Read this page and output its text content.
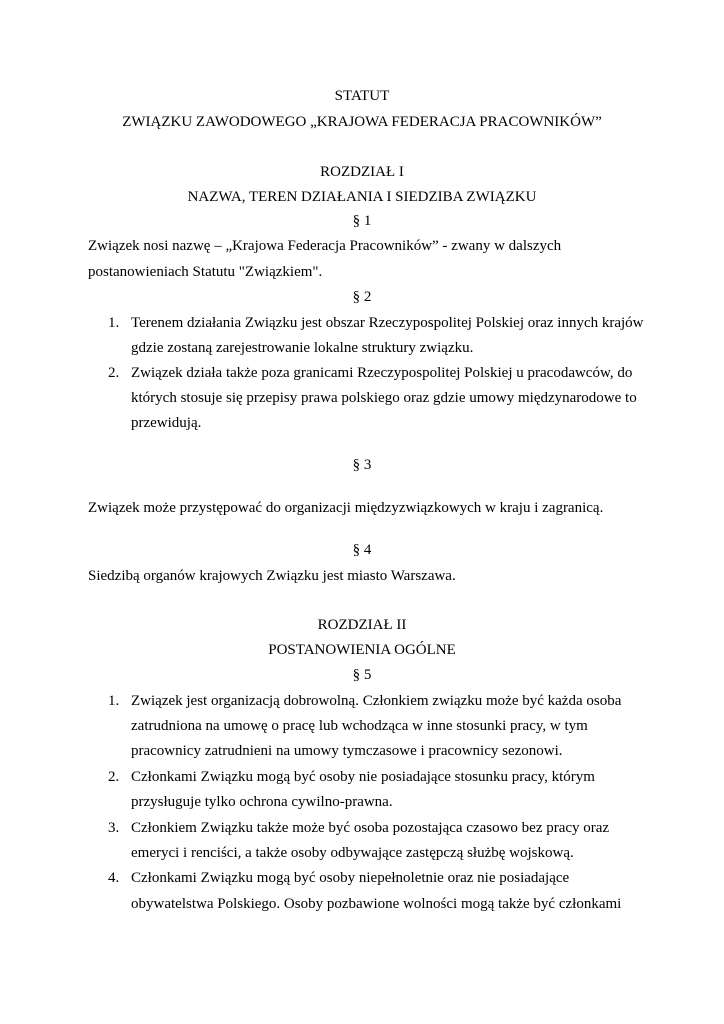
STATUT
ZWIĄZKU ZAWODOWEGO „KRAJOWA FEDERACJA PRACOWNIKÓW”
ROZDZIAŁ I
NAZWA, TEREN DZIAŁANIA I SIEDZIBA ZWIĄZKU
§ 1
Związek nosi nazwę – „Krajowa Federacja Pracowników” - zwany w dalszych
postanowieniach Statutu "Związkiem".
§ 2
1. Terenem działania Związku jest obszar Rzeczypospolitej Polskiej oraz innych krajów
gdzie zostaną zarejestrowanie lokalne struktury związku.
2. Związek działa także poza granicami Rzeczypospolitej Polskiej u pracodawców, do
których stosuje się przepisy prawa polskiego oraz gdzie umowy międzynarodowe to
przewidują.
§ 3
Związek może przystępować do organizacji międzyzwiązkowych w kraju i zagranicą.
§ 4
Siedzibą organów krajowych Związku jest miasto Warszawa.
ROZDZIAŁ II
POSTANOWIENIA OGÓLNE
§ 5
1. Związek jest organizacją dobrowolną. Członkiem związku może być każda osoba
zatrudniona na umowę o pracę lub wchodząca w inne stosunki pracy, w tym
pracownicy zatrudnieni na umowy tymczasowe i pracownicy sezonowi.
2. Członkami Związku mogą być osoby nie posiadające stosunku pracy, którym
przysługuje tylko ochrona cywilno-prawna.
3. Członkiem Związku także może być osoba pozostająca czasowo bez pracy oraz
emeryci i renciści, a także osoby odbywające zastępczą służbę wojskową.
4. Członkami Związku mogą być osoby niepełnoletnie oraz nie posiadające
obywatelstwa Polskiego. Osoby pozbawione wolności mogą także być członkami
